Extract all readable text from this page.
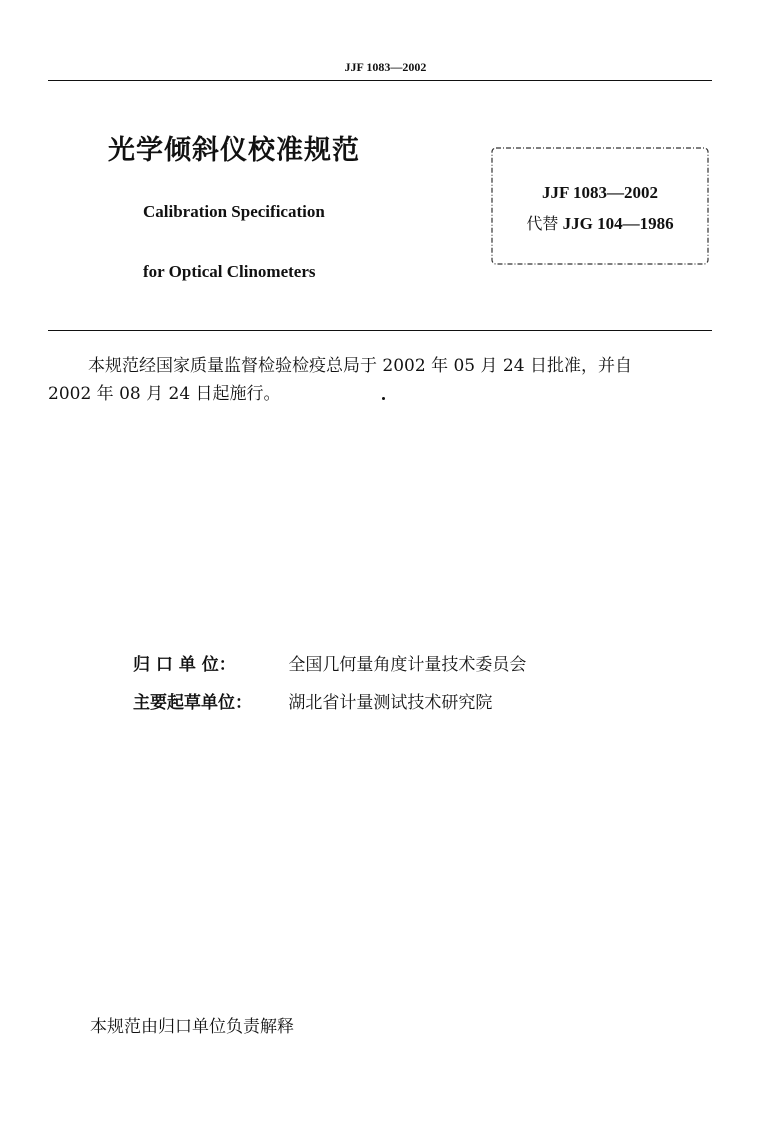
JJF 1083—2002
光学倾斜仪校准规范
Calibration Specification
for Optical Clinometers
JJF 1083—2002
代替 JJG 104—1986
本规范经国家质量监督检验检疫总局于 2002 年 05 月 24 日批准，并自
2002 年 08 月 24 日起施行。
归 口 单 位：	全国几何量角度计量技术委员会
主要起草单位： 湖北省计量测试技术研究院
本规范由归口单位负责解释
